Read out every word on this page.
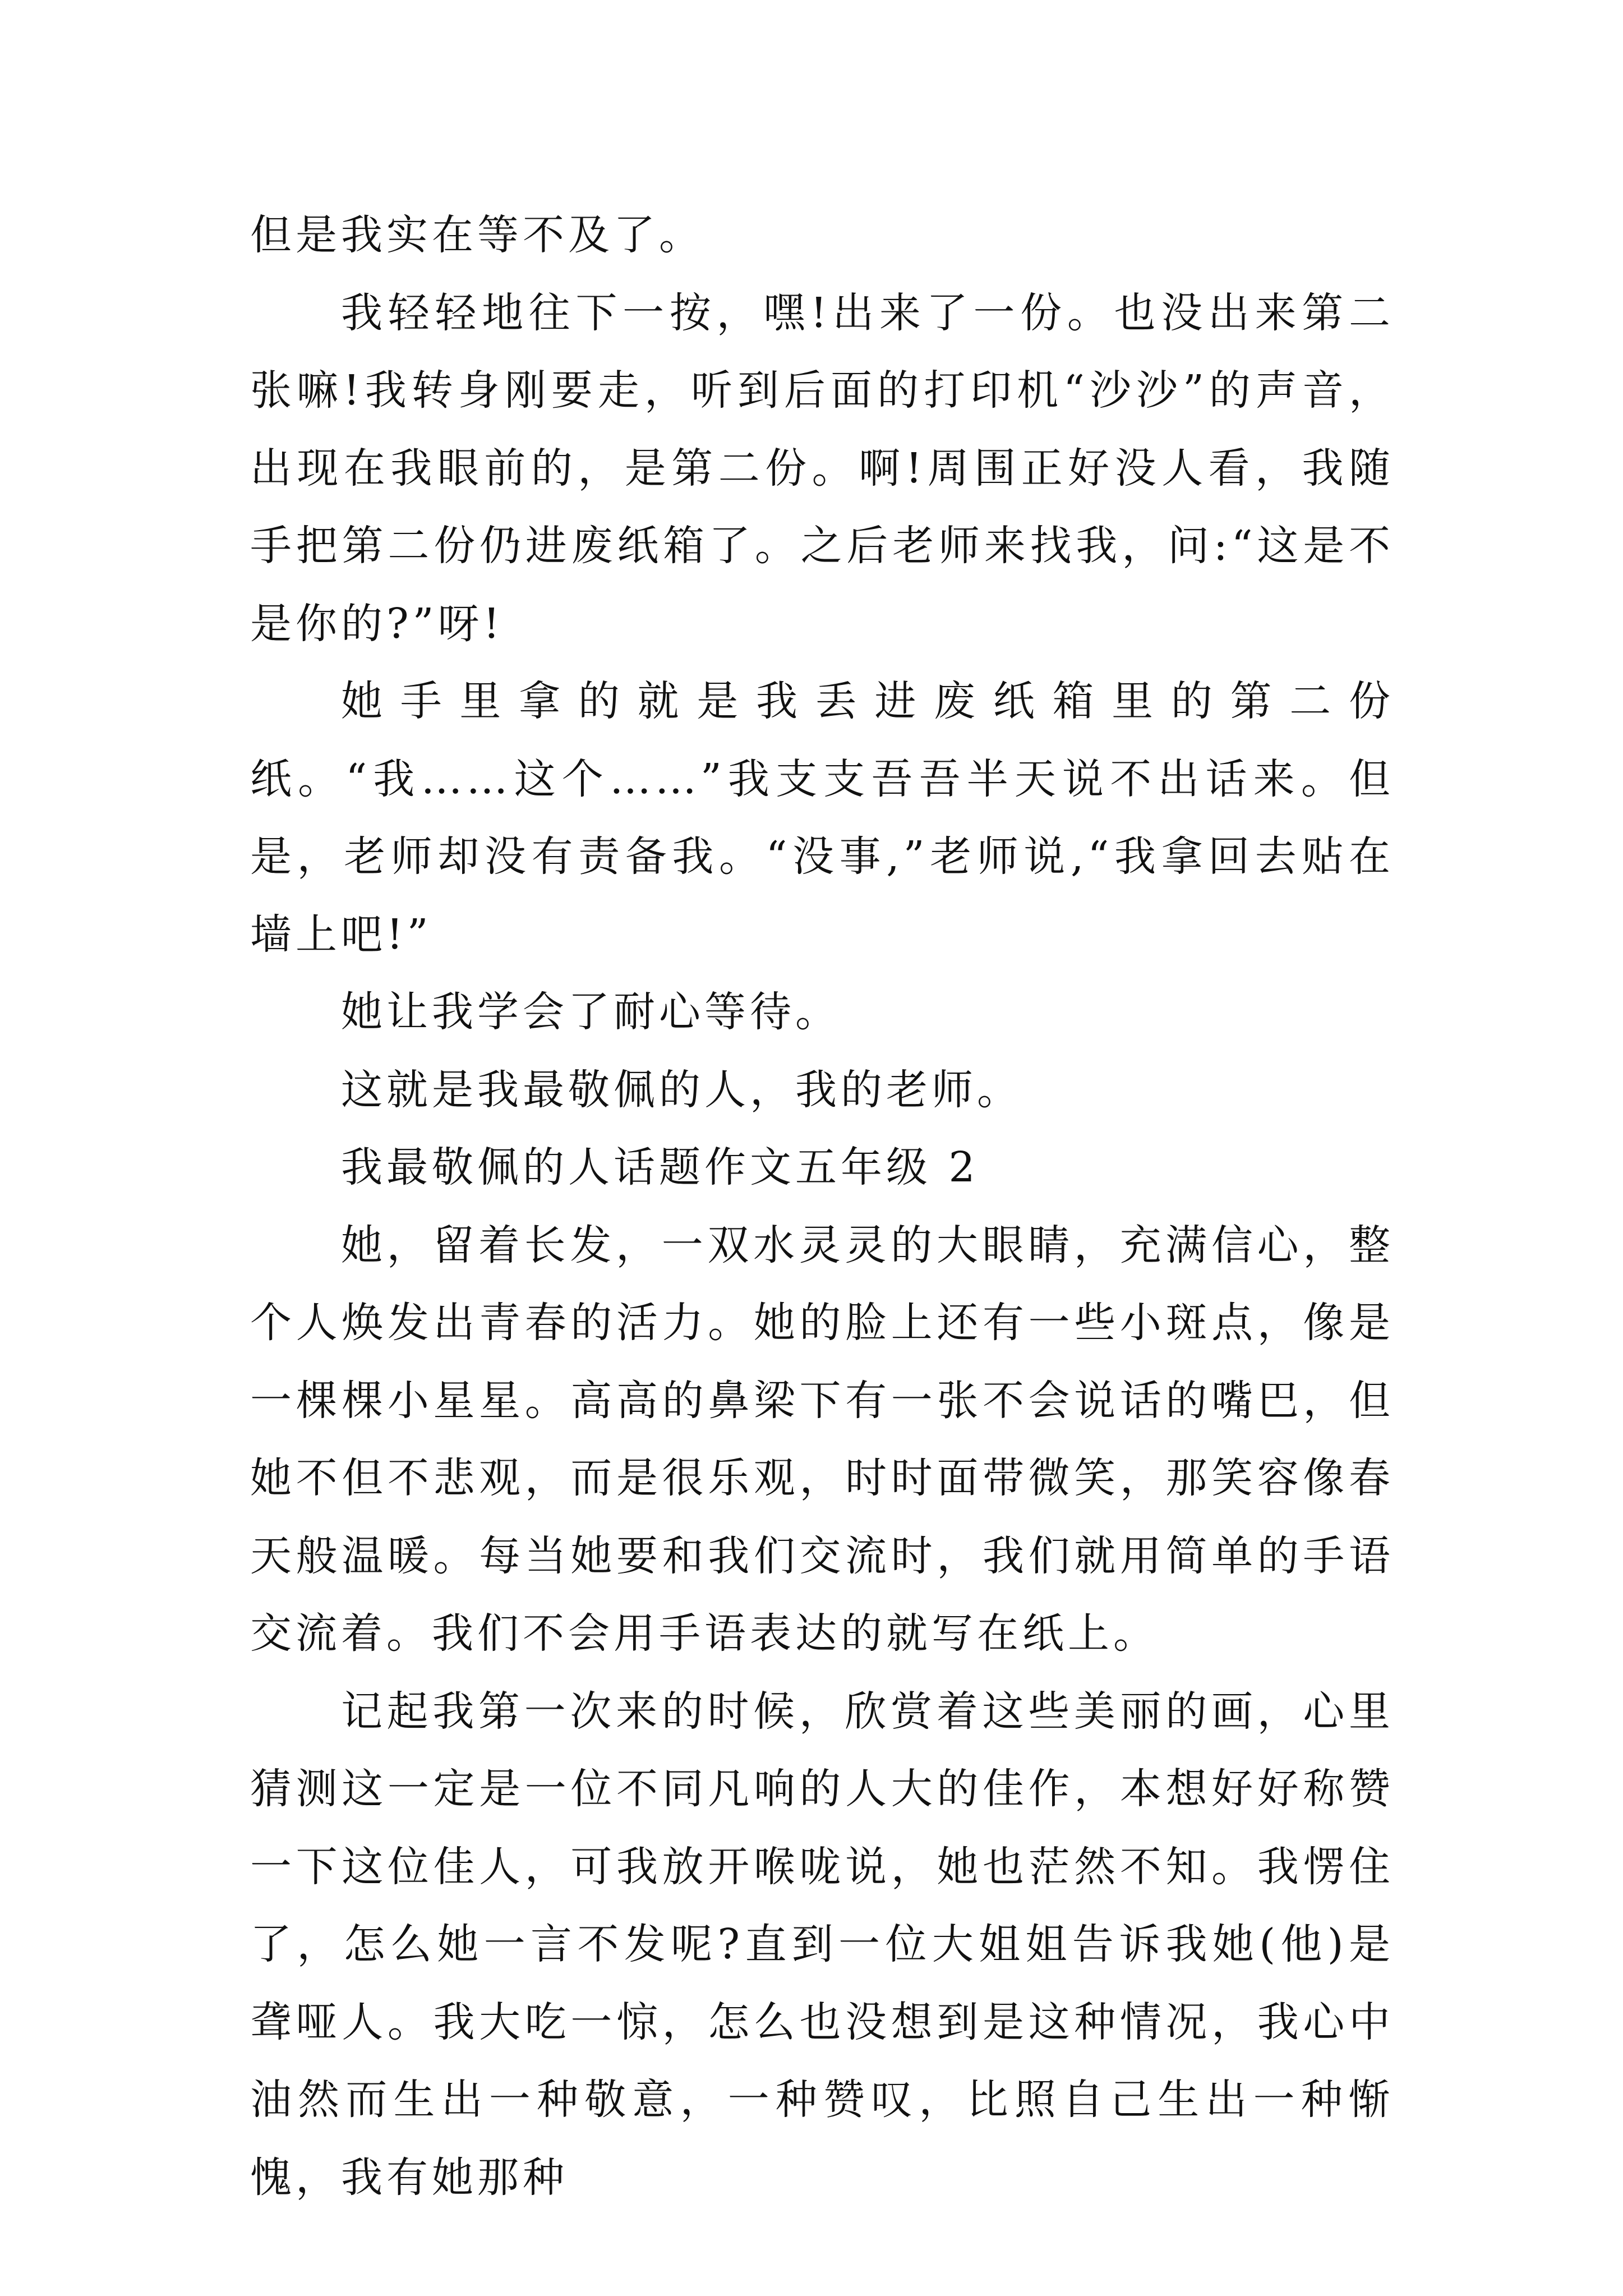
但是我实在等不及了。

我轻轻地往下一按，嘿!出来了一份。也没出来第二张嘛!我转身刚要走，听到后面的打印机“沙沙”的声音，出现在我眼前的，是第二份。啊!周围正好没人看，我随手把第二份仍进废纸箱了。之后老师来找我，问:“这是不是你的?”呀!

她手里拿的就是我丢进废纸箱里的第二份纸。“我……这个……”我支支吾吾半天说不出话来。但是，老师却没有责备我。“没事,”老师说,“我拿回去贴在墙上吧!”

她让我学会了耐心等待。

这就是我最敬佩的人，我的老师。

我最敬佩的人话题作文五年级 2

她，留着长发，一双水灵灵的大眼睛，充满信心，整个人焕发出青春的活力。她的脸上还有一些小斑点，像是一棵棵小星星。高高的鼻梁下有一张不会说话的嘴巴，但她不但不悲观，而是很乐观，时时面带微笑，那笑容像春天般温暖。每当她要和我们交流时，我们就用简单的手语交流着。我们不会用手语表达的就写在纸上。

记起我第一次来的时候，欣赏着这些美丽的画，心里猜测这一定是一位不同凡响的人大的佳作，本想好好称赞一下这位佳人，可我放开喉咙说，她也茫然不知。我愣住了，怎么她一言不发呢?直到一位大姐姐告诉我她(他)是聋哑人。我大吃一惊，怎么也没想到是这种情况，我心中油然而生出一种敬意，一种赞叹，比照自己生出一种惭愧，我有她那种
